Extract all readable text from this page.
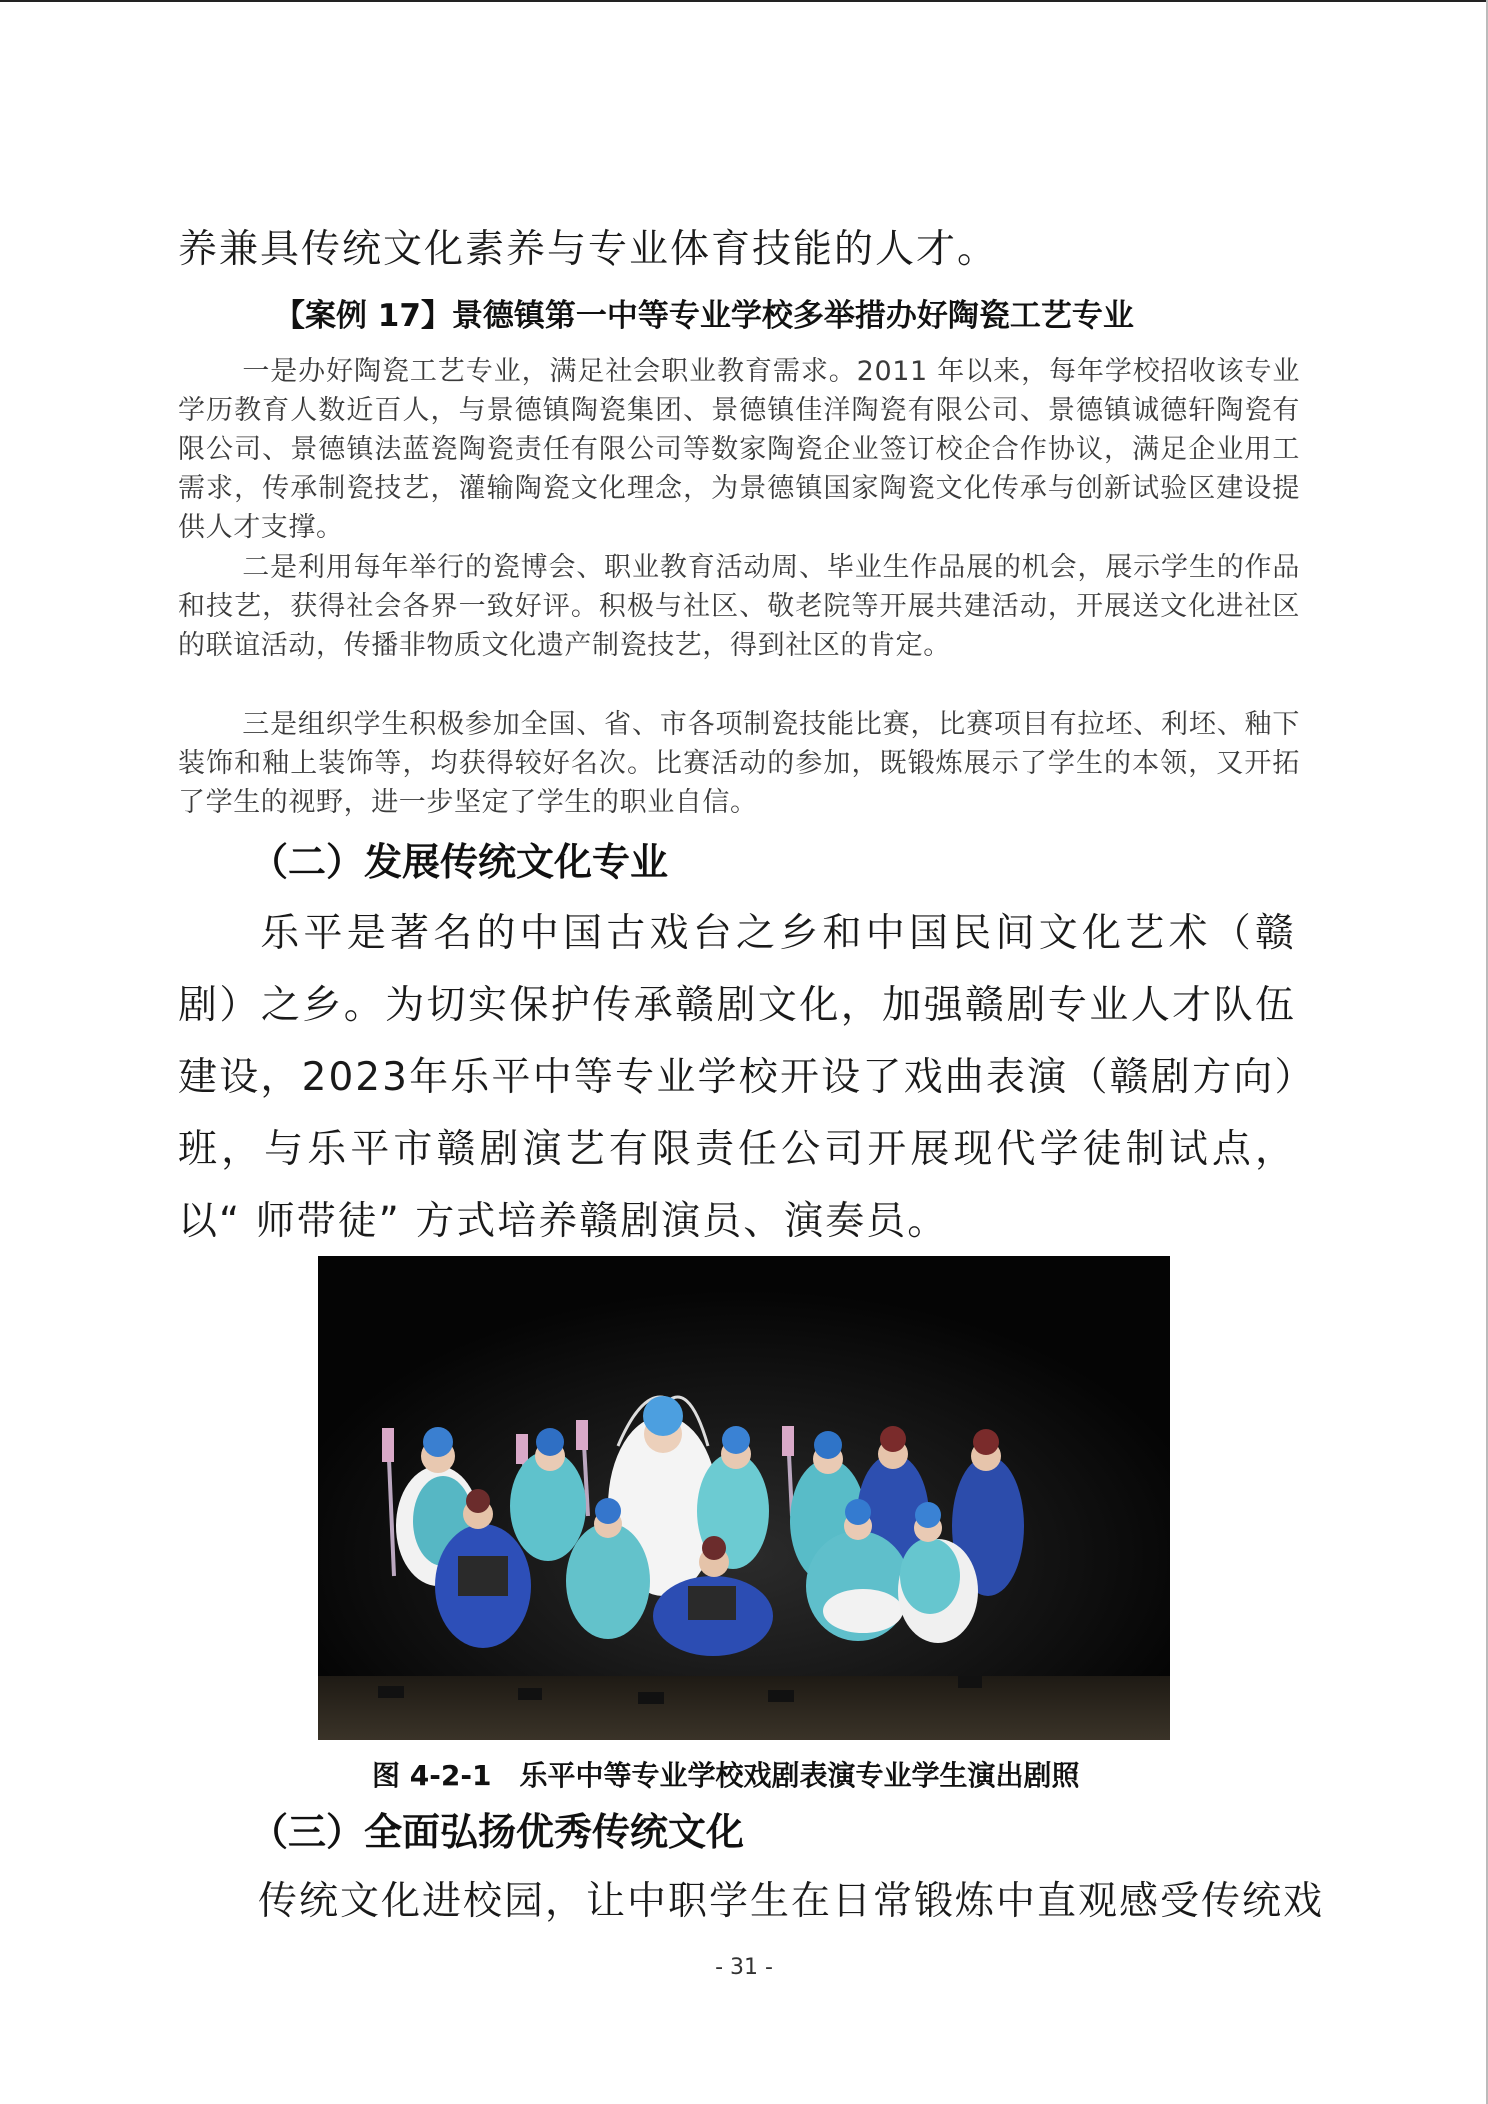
养兼具传统文化素养与专业体育技能的人才。

【案例 17】景德镇第一中等专业学校多举措办好陶瓷工艺专业

一是办好陶瓷工艺专业，满足社会职业教育需求。2011 年以来，每年学校招收该专业学历教育人数近百人，与景德镇陶瓷集团、景德镇佳洋陶瓷有限公司、景德镇诚德轩陶瓷有限公司、景德镇法蓝瓷陶瓷责任有限公司等数家陶瓷企业签订校企合作协议，满足企业用工需求，传承制瓷技艺，灌输陶瓷文化理念，为景德镇国家陶瓷文化传承与创新试验区建设提供人才支撑。

二是利用每年举行的瓷博会、职业教育活动周、毕业生作品展的机会，展示学生的作品和技艺，获得社会各界一致好评。积极与社区、敬老院等开展共建活动，开展送文化进社区的联谊活动，传播非物质文化遗产制瓷技艺，得到社区的肯定。

三是组织学生积极参加全国、省、市各项制瓷技能比赛，比赛项目有拉坯、利坯、釉下装饰和釉上装饰等，均获得较好名次。比赛活动的参加，既锻炼展示了学生的本领，又开拓了学生的视野，进一步坚定了学生的职业自信。

（二）发展传统文化专业

乐平是著名的中国古戏台之乡和中国民间文化艺术（赣剧）之乡。为切实保护传承赣剧文化，加强赣剧专业人才队伍建设，2023年乐平中等专业学校开设了戏曲表演（赣剧方向）班，与乐平市赣剧演艺有限责任公司开展现代学徒制试点，以“ 师带徒” 方式培养赣剧演员、演奏员。

图 4-2-1　乐平中等专业学校戏剧表演专业学生演出剧照

（三）全面弘扬优秀传统文化

传统文化进校园，让中职学生在日常锻炼中直观感受传统戏

- 31 -
